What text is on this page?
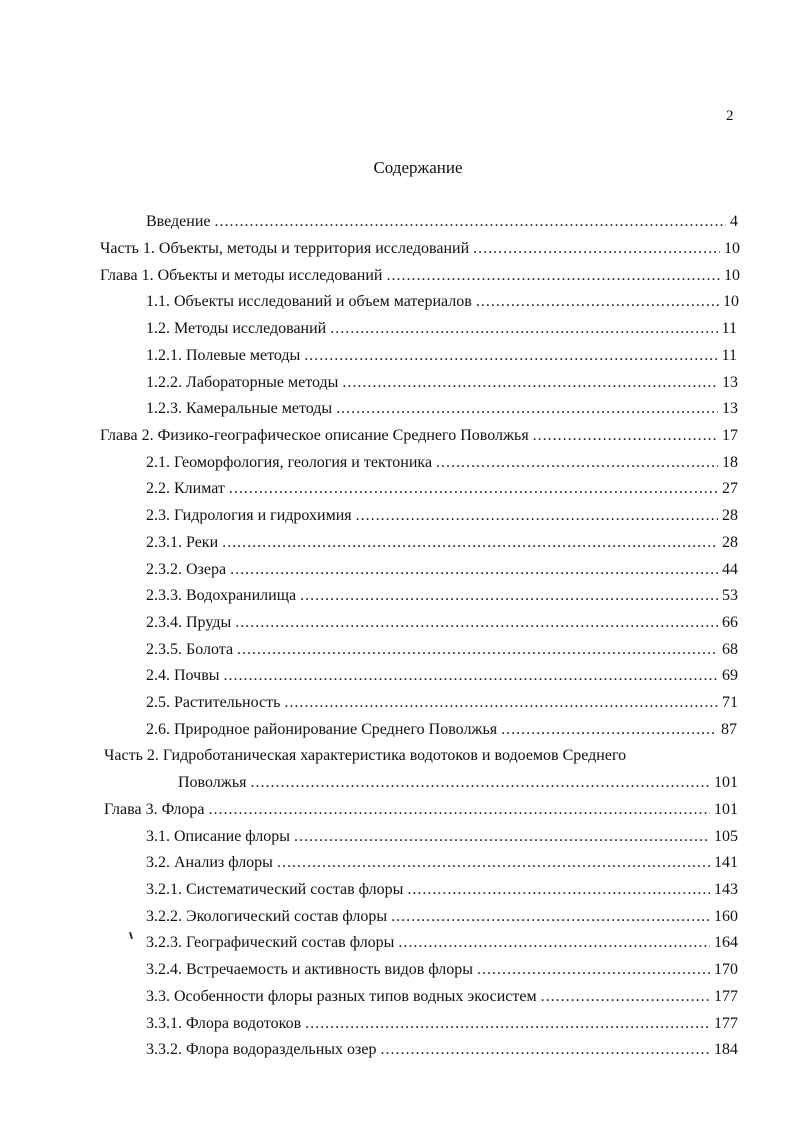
2
Содержание
Введение .....	4
Часть 1. Объекты, методы и территория исследований .....	10
Глава 1. Объекты и методы исследований .....	10
1.1. Объекты исследований и объем материалов .....	10
1.2. Методы исследований .....	11
1.2.1. Полевые методы .....	11
1.2.2. Лабораторные методы .....	13
1.2.3. Камеральные методы .....	13
Глава 2. Физико-географическое описание Среднего Поволжья .....	17
2.1. Геоморфология, геология и тектоника .....	18
2.2. Климат .....	27
2.3. Гидрология и гидрохимия .....	28
2.3.1. Реки .....	28
2.3.2. Озера .....	44
2.3.3. Водохранилища .....	53
2.3.4. Пруды .....	66
2.3.5. Болота .....	68
2.4. Почвы .....	69
2.5. Растительность .....	71
2.6. Природное районирование Среднего Поволжья .....	87
Часть 2. Гидроботаническая характеристика водотоков и водоемов Среднего
Поволжья .....	101
Глава 3. Флора .....	101
3.1. Описание флоры .....	105
3.2. Анализ флоры .....	141
3.2.1. Систематический состав флоры .....	143
3.2.2. Экологический состав флоры .....	160
3.2.3. Географический состав флоры .....	164
3.2.4. Встречаемость и активность видов флоры .....	170
3.3. Особенности флоры разных типов водных экосистем .....	177
3.3.1. Флора водотоков .....	177
3.3.2. Флора водораздельных озер .....	184
